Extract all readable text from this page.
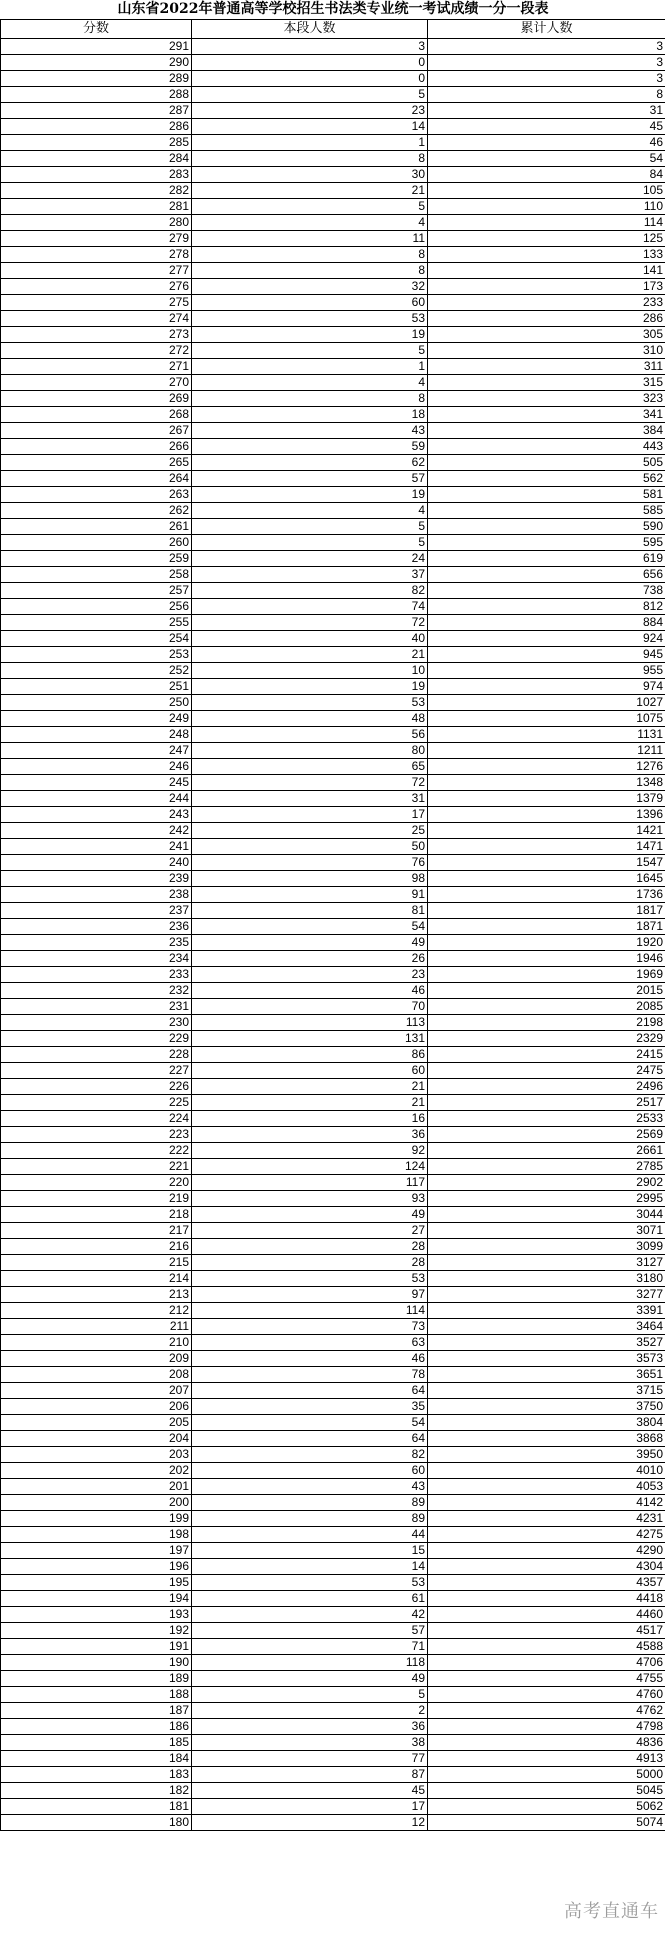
山东省2022年普通高等学校招生书法类专业统一考试成绩一分一段表		
分数	本段人数	累计人数
291	3	3
290	0	3
289	0	3
288	5	8
287	23	31
286	14	45
285	1	46
284	8	54
283	30	84
282	21	105
281	5	110
280	4	114
279	11	125
278	8	133
277	8	141
276	32	173
275	60	233
274	53	286
273	19	305
272	5	310
271	1	311
270	4	315
269	8	323
268	18	341
267	43	384
266	59	443
265	62	505
264	57	562
263	19	581
262	4	585
261	5	590
260	5	595
259	24	619
258	37	656
257	82	738
256	74	812
255	72	884
254	40	924
253	21	945
252	10	955
251	19	974
250	53	1027
249	48	1075
248	56	1131
247	80	1211
246	65	1276
245	72	1348
244	31	1379
243	17	1396
242	25	1421
241	50	1471
240	76	1547
239	98	1645
238	91	1736
237	81	1817
236	54	1871
235	49	1920
234	26	1946
233	23	1969
232	46	2015
231	70	2085
230	113	2198
229	131	2329
228	86	2415
227	60	2475
226	21	2496
225	21	2517
224	16	2533
223	36	2569
222	92	2661
221	124	2785
220	117	2902
219	93	2995
218	49	3044
217	27	3071
216	28	3099
215	28	3127
214	53	3180
213	97	3277
212	114	3391
211	73	3464
210	63	3527
209	46	3573
208	78	3651
207	64	3715
206	35	3750
205	54	3804
204	64	3868
203	82	3950
202	60	4010
201	43	4053
200	89	4142
199	89	4231
198	44	4275
197	15	4290
196	14	4304
195	53	4357
194	61	4418
193	42	4460
192	57	4517
191	71	4588
190	118	4706
189	49	4755
188	5	4760
187	2	4762
186	36	4798
185	38	4836
184	77	4913
183	87	5000
182	45	5045
181	17	5062
180	12	5074
高考直通车
